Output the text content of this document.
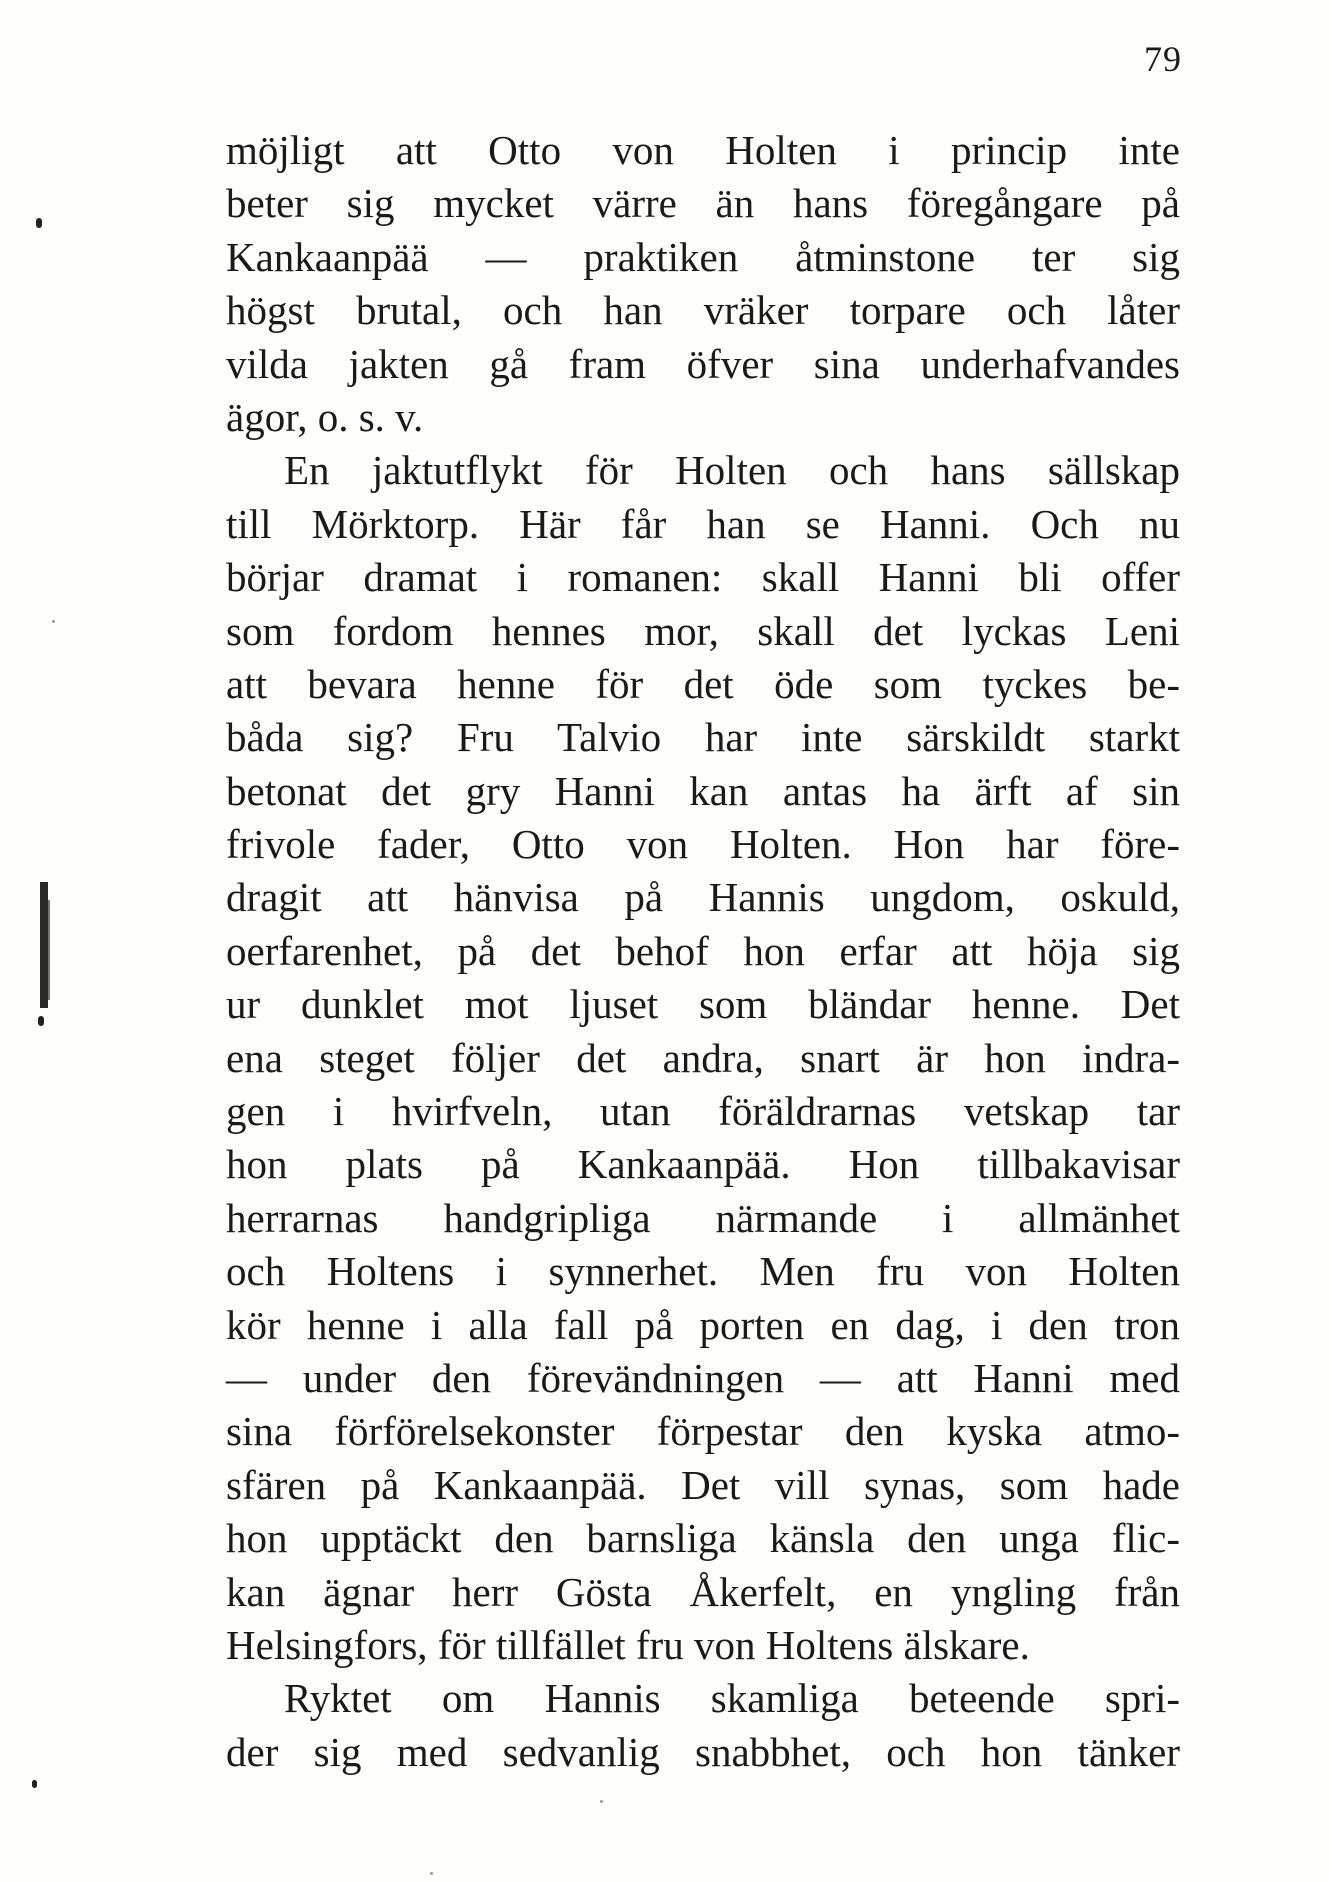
79
möjligt att Otto von Holten i princip inte
beter sig mycket värre än hans föregångare på
Kankaanpää — praktiken åtminstone ter sig
högst brutal, och han vräker torpare och låter
vilda jakten gå fram öfver sina underhafvandes
ägor, o. s. v.
En jaktutflykt för Holten och hans sällskap
till Mörktorp. Här får han se Hanni. Och nu
börjar dramat i romanen: skall Hanni bli offer
som fordom hennes mor, skall det lyckas Leni
att bevara henne för det öde som tyckes be-
båda sig? Fru Talvio har inte särskildt starkt
betonat det gry Hanni kan antas ha ärft af sin
frivole fader, Otto von Holten. Hon har före-
dragit att hänvisa på Hannis ungdom, oskuld,
oerfarenhet, på det behof hon erfar att höja sig
ur dunklet mot ljuset som bländar henne. Det
ena steget följer det andra, snart är hon indra-
gen i hvirfveln, utan föräldrarnas vetskap tar
hon plats på Kankaanpää. Hon tillbakavisar
herrarnas handgripliga närmande i allmänhet
och Holtens i synnerhet. Men fru von Holten
kör henne i alla fall på porten en dag, i den tron
— under den förevändningen — att Hanni med
sina förförelsekonster förpestar den kyska atmo-
sfären på Kankaanpää. Det vill synas, som hade
hon upptäckt den barnsliga känsla den unga flic-
kan ägnar herr Gösta Åkerfelt, en yngling från
Helsingfors, för tillfället fru von Holtens älskare.
Ryktet om Hannis skamliga beteende spri-
der sig med sedvanlig snabbhet, och hon tänker
